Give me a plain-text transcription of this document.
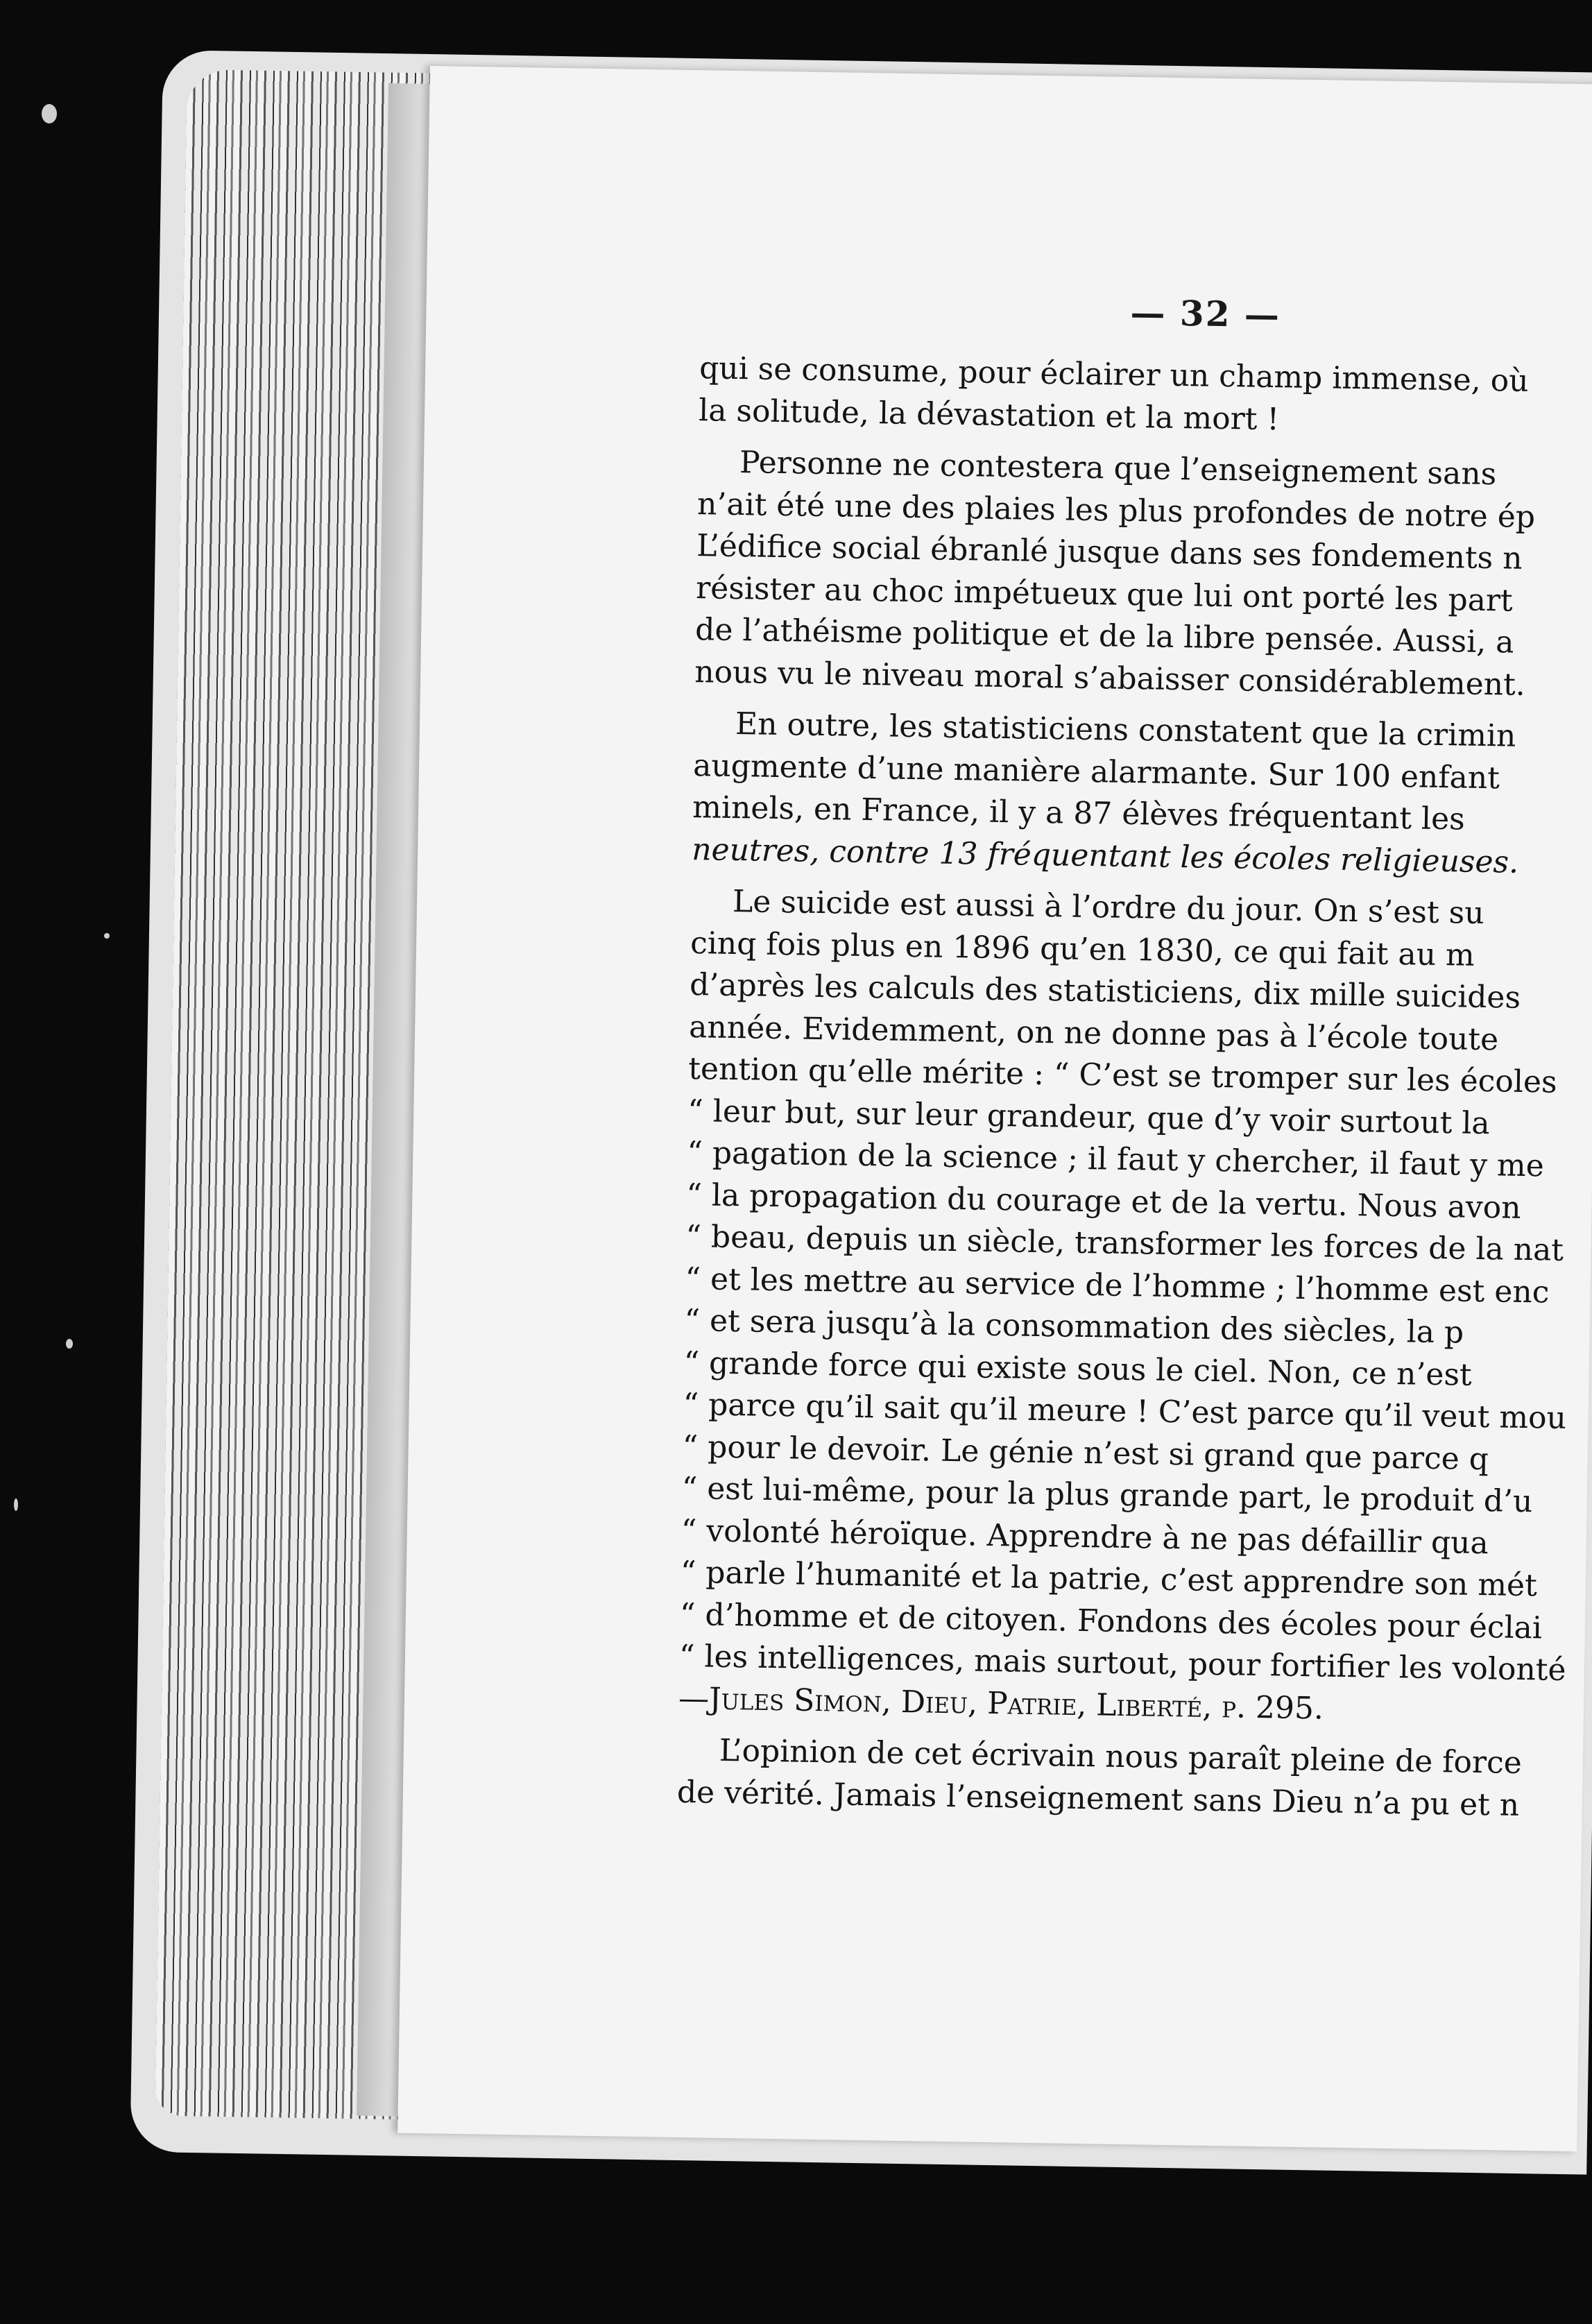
— 32 —
qui se consume, pour éclairer un champ immense, où
la solitude, la dévastation et la mort !
Personne ne contestera que l’enseignement sans
n’ait été une des plaies les plus profondes de notre ép
L’édifice social ébranlé jusque dans ses fondements n
résister au choc impétueux que lui ont porté les part
de l’athéisme politique et de la libre pensée. Aussi, a
nous vu le niveau moral s’abaisser considérablement.
En outre, les statisticiens constatent que la crimin
augmente d’une manière alarmante. Sur 100 enfant
minels, en France, il y a 87 élèves fréquentant les
neutres, contre 13 fréquentant les écoles religieuses.
Le suicide est aussi à l’ordre du jour. On s’est su
cinq fois plus en 1896 qu’en 1830, ce qui fait au m
d’après les calculs des statisticiens, dix mille suicides
année. Evidemment, on ne donne pas à l’école toute
tention qu’elle mérite : “ C’est se tromper sur les écoles
“ leur but, sur leur grandeur, que d’y voir surtout la
“ pagation de la science ; il faut y chercher, il faut y me
“ la propagation du courage et de la vertu. Nous avon
“ beau, depuis un siècle, transformer les forces de la nat
“ et les mettre au service de l’homme ; l’homme est enc
“ et sera jusqu’à la consommation des siècles, la p
“ grande force qui existe sous le ciel. Non, ce n’est
“ parce qu’il sait qu’il meure ! C’est parce qu’il veut mou
“ pour le devoir. Le génie n’est si grand que parce q
“ est lui-même, pour la plus grande part, le produit d’u
“ volonté héroïque. Apprendre à ne pas défaillir qua
“ parle l’humanité et la patrie, c’est apprendre son mét
“ d’homme et de citoyen. Fondons des écoles pour éclai
“ les intelligences, mais surtout, pour fortifier les volonté
—Jules Simon, Dieu, Patrie, Liberté, p. 295.
L’opinion de cet écrivain nous paraît pleine de force
de vérité. Jamais l’enseignement sans Dieu n’a pu et n
